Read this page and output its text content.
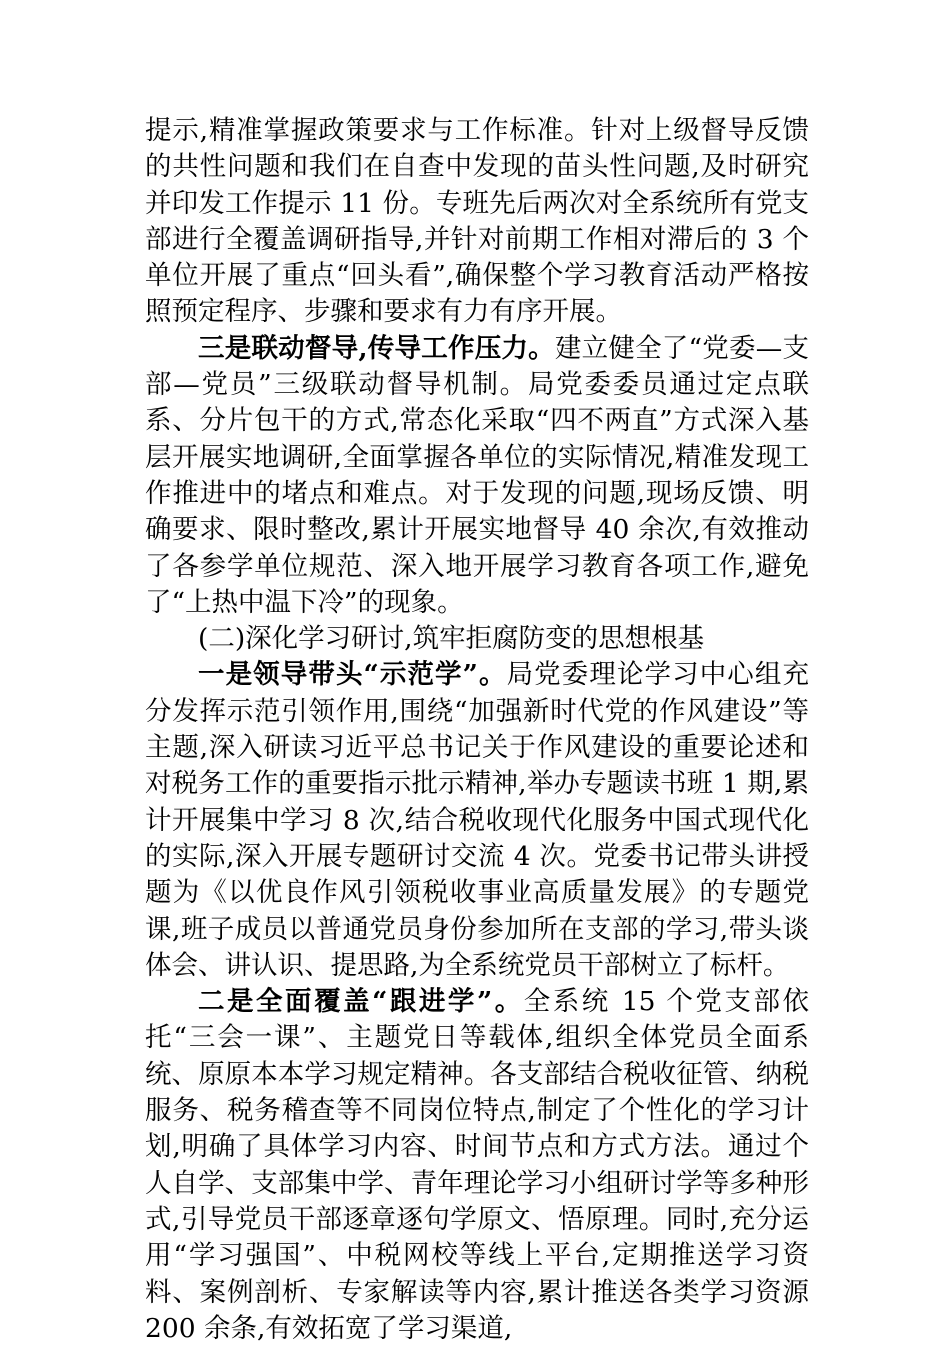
提示,精准掌握政策要求与工作标准。针对上级督导反馈的共性问题和我们在自查中发现的苗头性问题,及时研究并印发工作提示 11 份。专班先后两次对全系统所有党支部进行全覆盖调研指导,并针对前期工作相对滞后的 3 个单位开展了重点“回头看”,确保整个学习教育活动严格按照预定程序、步骤和要求有力有序开展。

三是联动督导,传导工作压力。建立健全了“党委—支部—党员”三级联动督导机制。局党委委员通过定点联系、分片包干的方式,常态化采取“四不两直”方式深入基层开展实地调研,全面掌握各单位的实际情况,精准发现工作推进中的堵点和难点。对于发现的问题,现场反馈、明确要求、限时整改,累计开展实地督导 40 余次,有效推动了各参学单位规范、深入地开展学习教育各项工作,避免了“上热中温下冷”的现象。

(二)深化学习研讨,筑牢拒腐防变的思想根基

一是领导带头“示范学”。局党委理论学习中心组充分发挥示范引领作用,围绕“加强新时代党的作风建设”等主题,深入研读习近平总书记关于作风建设的重要论述和对税务工作的重要指示批示精神,举办专题读书班 1 期,累计开展集中学习 8 次,结合税收现代化服务中国式现代化的实际,深入开展专题研讨交流 4 次。党委书记带头讲授题为《以优良作风引领税收事业高质量发展》的专题党课,班子成员以普通党员身份参加所在支部的学习,带头谈体会、讲认识、提思路,为全系统党员干部树立了标杆。

二是全面覆盖“跟进学”。全系统 15 个党支部依托“三会一课”、主题党日等载体,组织全体党员全面系统、原原本本学习规定精神。各支部结合税收征管、纳税服务、税务稽查等不同岗位特点,制定了个性化的学习计划,明确了具体学习内容、时间节点和方式方法。通过个人自学、支部集中学、青年理论学习小组研讨学等多种形式,引导党员干部逐章逐句学原文、悟原理。同时,充分运用“学习强国”、中税网校等线上平台,定期推送学习资料、案例剖析、专家解读等内容,累计推送各类学习资源 200 余条,有效拓宽了学习渠道,
